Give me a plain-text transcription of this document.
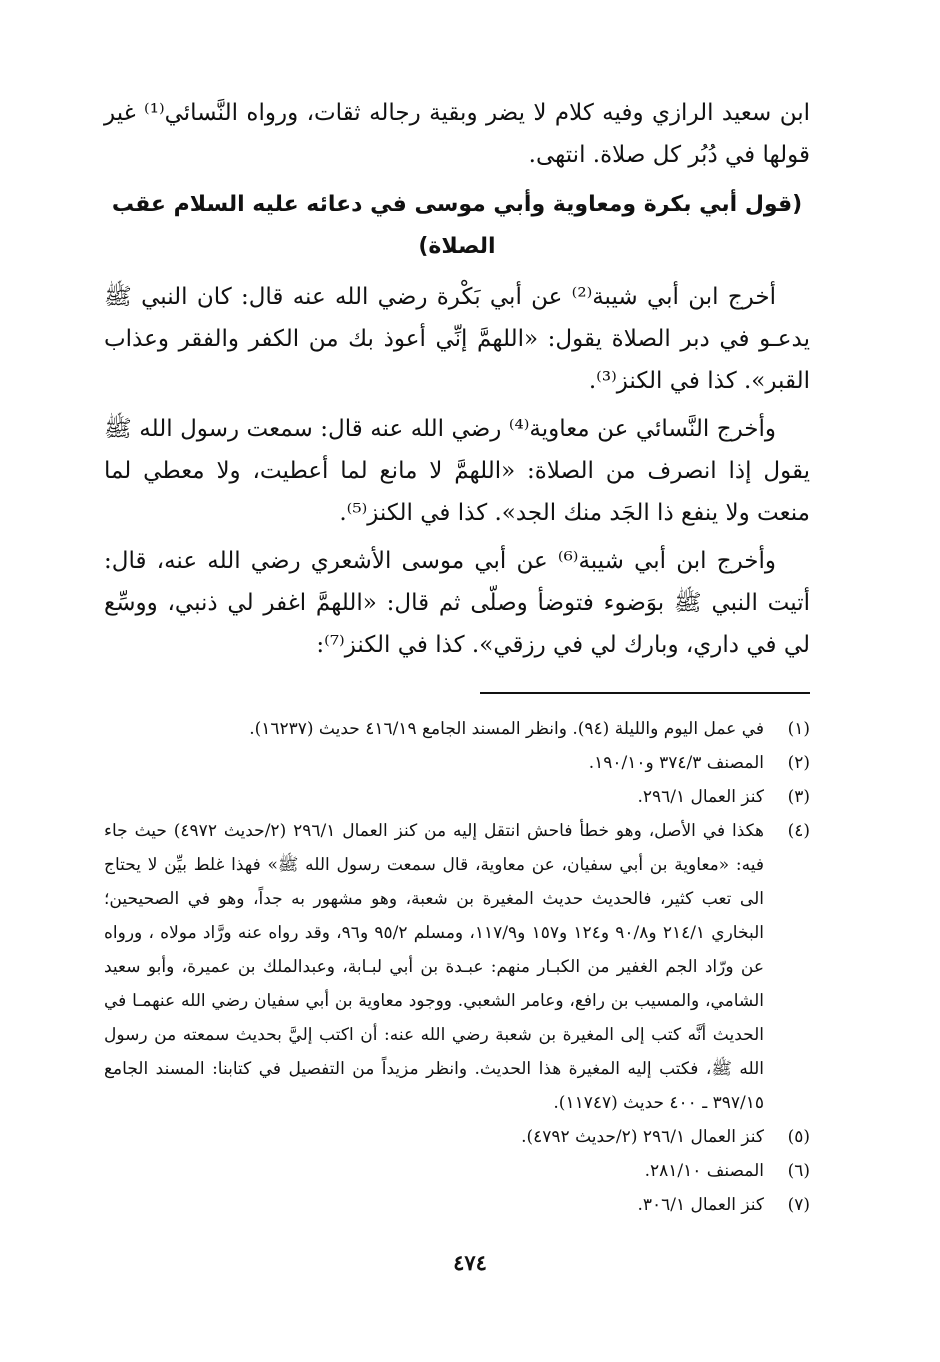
ابن سعيد الرازي وفيه كلام لا يضر وبقية رجاله ثقات، ورواه النَّسائي⁽¹⁾ غير قولها في دُبُر كل صلاة. انتهى.

(قول أبي بكرة ومعاوية وأبي موسى في دعائه عليه السلام عقب الصلاة)

أخرج ابن أبي شيبة⁽²⁾ عن أبي بَكْرة رضي الله عنه قال: كان النبي ﷺ يدعـو في دبر الصلاة يقول: «اللهمَّ إنِّي أعوذ بك من الكفر والفقر وعذاب القبر». كذا في الكنز⁽³⁾.

وأخرج النَّسائي عن معاوية⁽⁴⁾ رضي الله عنه قال: سمعت رسول الله ﷺ يقول إذا انصرف من الصلاة: «اللهمَّ لا مانع لما أعطيت، ولا معطي لما منعت ولا ينفع ذا الجَد منك الجد». كذا في الكنز⁽⁵⁾.

وأخرج ابن أبي شيبة⁽⁶⁾ عن أبي موسى الأشعري رضي الله عنه، قال: أتيت النبي ﷺ بوَضوء فتوضأ وصلّى ثم قال: «اللهمَّ اغفر لي ذنبي، ووسِّع لي في داري، وبارك لي في رزقي». كذا في الكنز⁽⁷⁾:

(١)
في عمل اليوم والليلة (٩٤). وانظر المسند الجامع ٤١٦/١٩ حديث (١٦٢٣٧).
(٢)
المصنف ٣٧٤/٣ و١٩٠/١٠.
(٣)
كنز العمال ٢٩٦/١.
(٤)
هكذا في الأصل، وهو خطأ فاحش انتقل إليه من كنز العمال ٢٩٦/١ (٢/حديث ٤٩٧٢) حيث جاء فيه: «معاوية بن أبي سفيان، عن معاوية، قال سمعت رسول الله ﷺ» فهذا غلط بيِّن لا يحتاج الى تعب كثير، فالحديث حديث المغيرة بن شعبة، وهو مشهور به جداً، وهو في الصحيحين؛ البخاري ٢١٤/١ و٩٠/٨ و١٢٤ و١٥٧ و١١٧/٩، ومسلم ٩٥/٢ و٩٦، وقد رواه عنه ورَّاد مولاه ، ورواه عن ورّاد الجم الغفير من الكبـار منهم: عبـدة بن أبي لبـابة، وعبدالملك بن عميرة، وأبو سعيد الشامي، والمسيب بن رافع، وعامر الشعبي. ووجود معاوية بن أبي سفيان رضي الله عنهمـا في الحديث أنَّه كتب إلى المغيرة بن شعبة رضي الله عنه: أن اكتب إليَّ بحديث سمعته من رسول الله ﷺ، فكتب إليه المغيرة هذا الحديث. وانظر مزيداً من التفصيل في كتابنا: المسند الجامع ٣٩٧/١٥ ـ ٤٠٠ حديث (١١٧٤٧).
(٥)
كنز العمال ٢٩٦/١ (٢/حديث ٤٧٩٢).
(٦)
المصنف ٢٨١/١٠.
(٧)
كنز العمال ٣٠٦/١.
٤٧٤
